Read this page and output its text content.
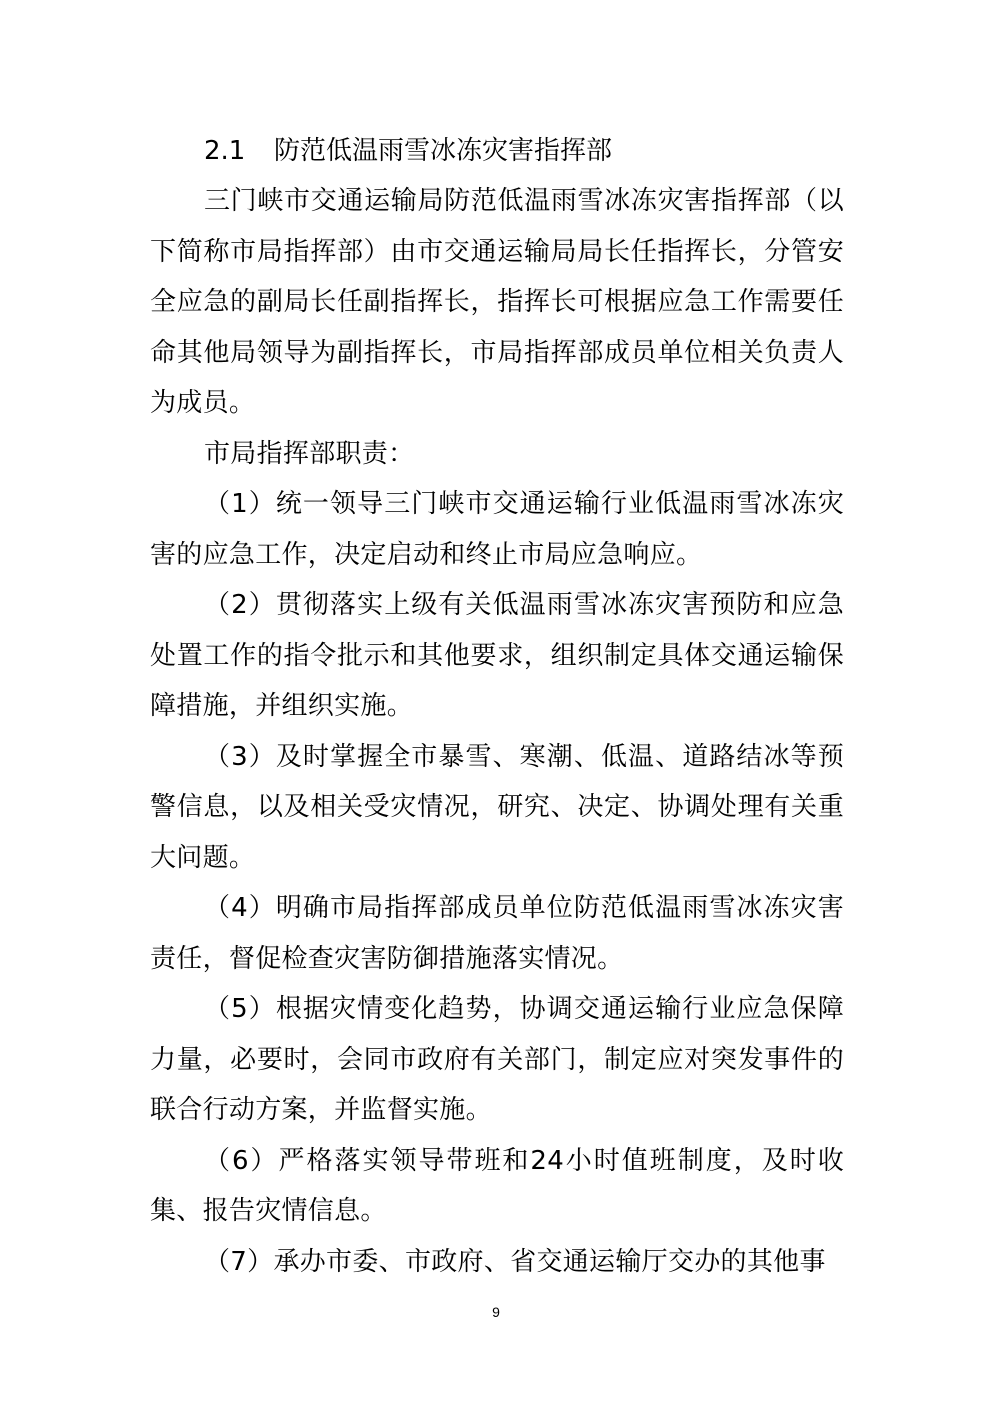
2.1 防范低温雨雪冰冻灾害指挥部

三门峡市交通运输局防范低温雨雪冰冻灾害指挥部（以下简称市局指挥部）由市交通运输局局长任指挥长，分管安全应急的副局长任副指挥长，指挥长可根据应急工作需要任命其他局领导为副指挥长，市局指挥部成员单位相关负责人为成员。

市局指挥部职责：

（1）统一领导三门峡市交通运输行业低温雨雪冰冻灾害的应急工作，决定启动和终止市局应急响应。

（2）贯彻落实上级有关低温雨雪冰冻灾害预防和应急处置工作的指令批示和其他要求，组织制定具体交通运输保障措施，并组织实施。

（3）及时掌握全市暴雪、寒潮、低温、道路结冰等预警信息，以及相关受灾情况，研究、决定、协调处理有关重大问题。

（4）明确市局指挥部成员单位防范低温雨雪冰冻灾害责任，督促检查灾害防御措施落实情况。

（5）根据灾情变化趋势，协调交通运输行业应急保障力量，必要时，会同市政府有关部门，制定应对突发事件的联合行动方案，并监督实施。

（6）严格落实领导带班和24小时值班制度，及时收集、报告灾情信息。

（7）承办市委、市政府、省交通运输厅交办的其他事

9
